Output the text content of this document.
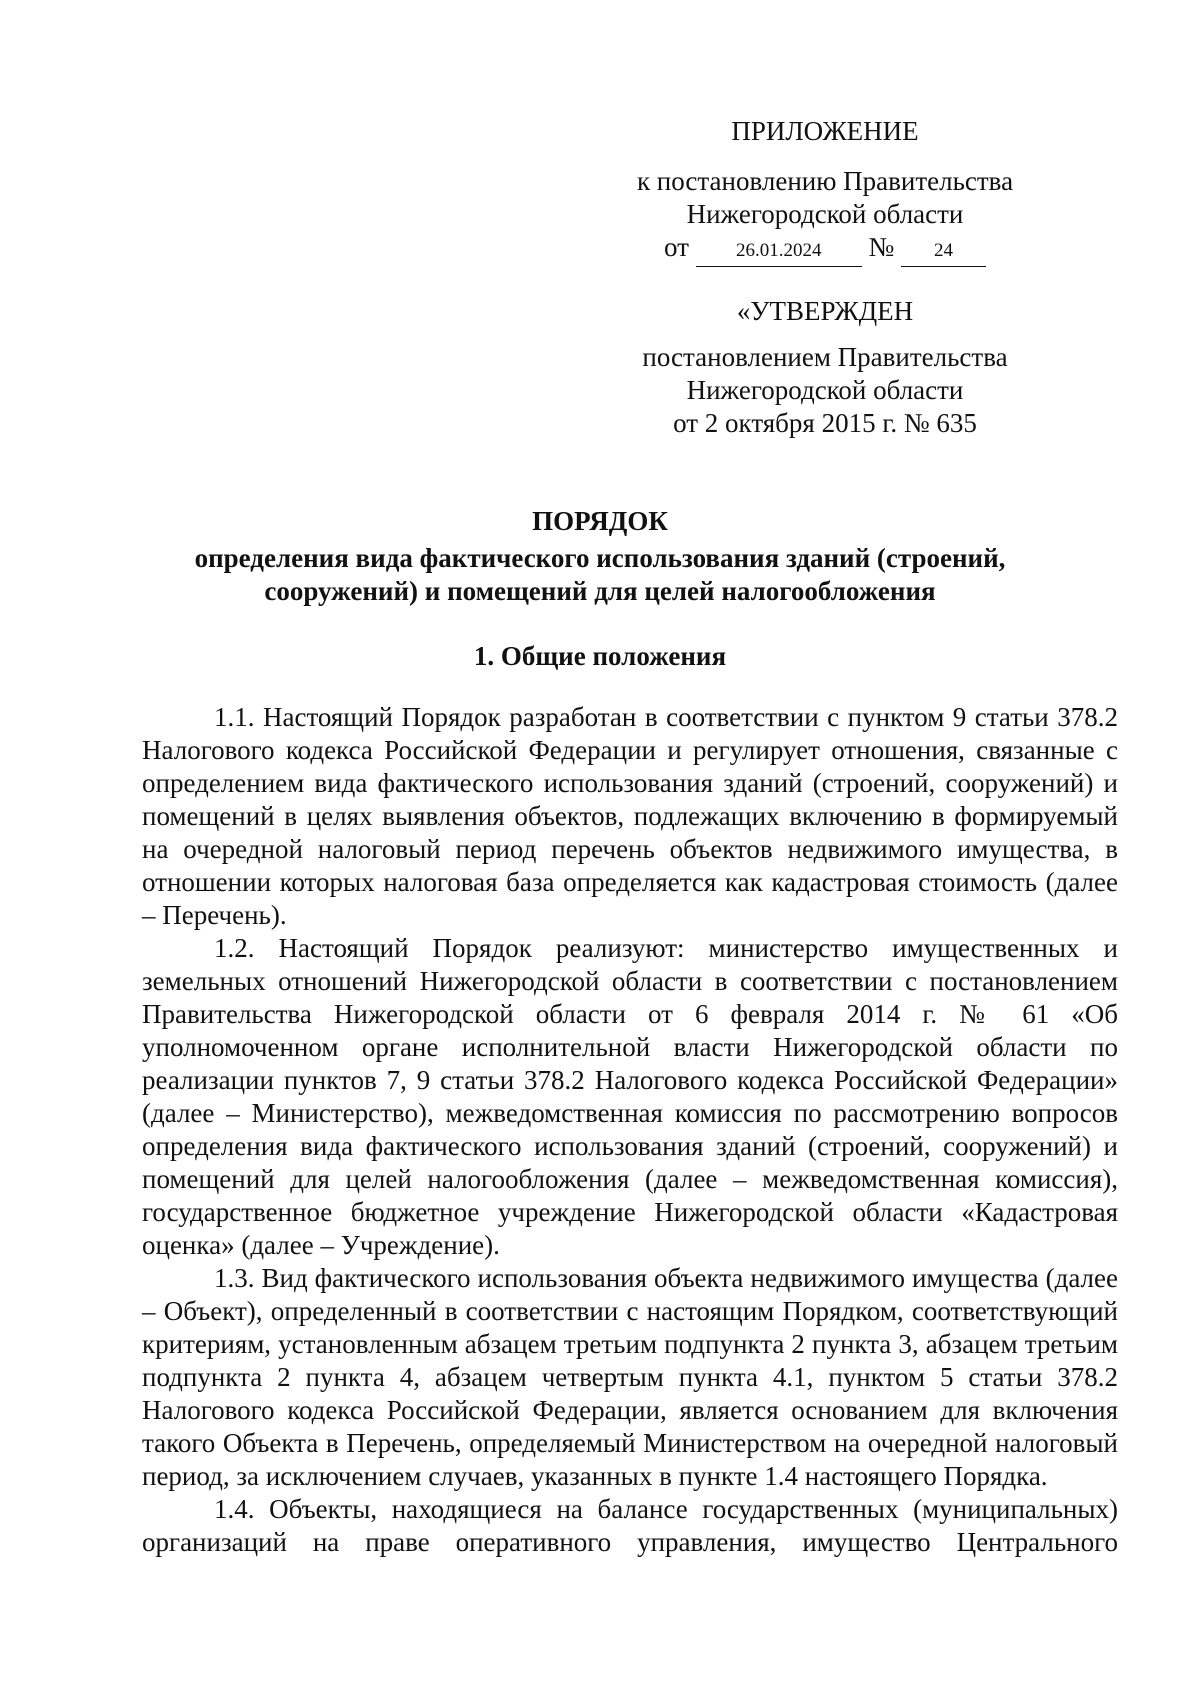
ПРИЛОЖЕНИЕ
к постановлению Правительства
Нижегородской области
от 26.01.2024 № 24
«УТВЕРЖДЕН
постановлением Правительства
Нижегородской области
от 2 октября 2015 г. № 635
ПОРЯДОК
определения вида фактического использования зданий (строений,
сооружений) и помещений для целей налогообложения
1. Общие положения

1.1. Настоящий Порядок разработан в соответствии с пунктом 9 статьи 378.2 Налогового кодекса Российской Федерации и регулирует отношения, связанные с определением вида фактического использования зданий (строений, сооружений) и помещений в целях выявления объектов, подлежащих включению в формируемый на очередной налоговый период перечень объектов недвижимого имущества, в отношении которых налоговая база определяется как кадастровая стоимость (далее – Перечень).

1.2. Настоящий Порядок реализуют: министерство имущественных и земельных отношений Нижегородской области в соответствии с постановлением Правительства Нижегородской области от 6 февраля 2014 г. № 61 «Об уполномоченном органе исполнительной власти Нижегородской области по реализации пунктов 7, 9 статьи 378.2 Налогового кодекса Российской Федерации» (далее – Министерство), межведомственная комиссия по рассмотрению вопросов определения вида фактического использования зданий (строений, сооружений) и помещений для целей налогообложения (далее – межведомственная комиссия), государственное бюджетное учреждение Нижегородской области «Кадастровая оценка» (далее – Учреждение).

1.3. Вид фактического использования объекта недвижимого имущества (далее – Объект), определенный в соответствии с настоящим Порядком, соответствующий критериям, установленным абзацем третьим подпункта 2 пункта 3, абзацем третьим подпункта 2 пункта 4, абзацем четвертым пункта 4.1, пунктом 5 статьи 378.2 Налогового кодекса Российской Федерации, является основанием для включения такого Объекта в Перечень, определяемый Министерством на очередной налоговый период, за исключением случаев, указанных в пункте 1.4 настоящего Порядка.

1.4. Объекты, находящиеся на балансе государственных (муниципальных) организаций на праве оперативного управления, имущество Центрального
